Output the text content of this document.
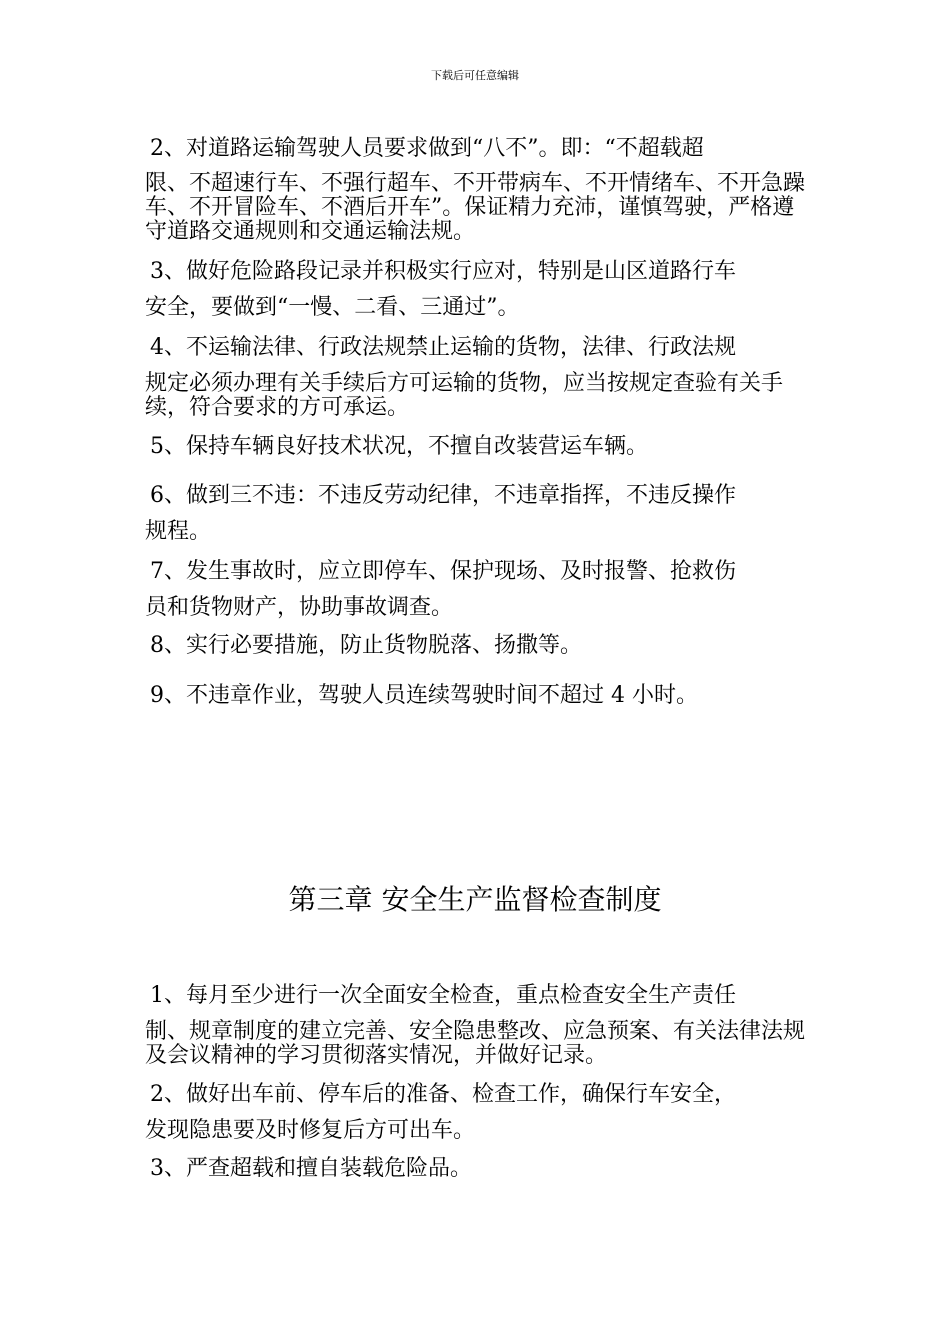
下载后可任意编辑
2、对道路运输驾驶人员要求做到“八不”。即：“不超载超
限、不超速行车、不强行超车、不开带病车、不开情绪车、不开急躁车、不开冒险车、不酒后开车”。保证精力充沛，谨慎驾驶，严格遵守道路交通规则和交通运输法规。
3、做好危险路段记录并积极实行应对，特别是山区道路行车
安全，要做到“一慢、二看、三通过”。
4、不运输法律、行政法规禁止运输的货物，法律、行政法规
规定必须办理有关手续后方可运输的货物，应当按规定查验有关手续，符合要求的方可承运。
5、保持车辆良好技术状况，不擅自改装营运车辆。
6、做到三不违：不违反劳动纪律，不违章指挥，不违反操作
规程。
7、发生事故时，应立即停车、保护现场、及时报警、抢救伤
员和货物财产，协助事故调查。
8、实行必要措施，防止货物脱落、扬撒等。
9、不违章作业，驾驶人员连续驾驶时间不超过 4 小时。
第三章 安全生产监督检查制度
1、每月至少进行一次全面安全检查，重点检查安全生产责任
制、规章制度的建立完善、安全隐患整改、应急预案、有关法律法规及会议精神的学习贯彻落实情况，并做好记录。
2、做好出车前、停车后的准备、检查工作，确保行车安全，
发现隐患要及时修复后方可出车。
3、严查超载和擅自装载危险品。
